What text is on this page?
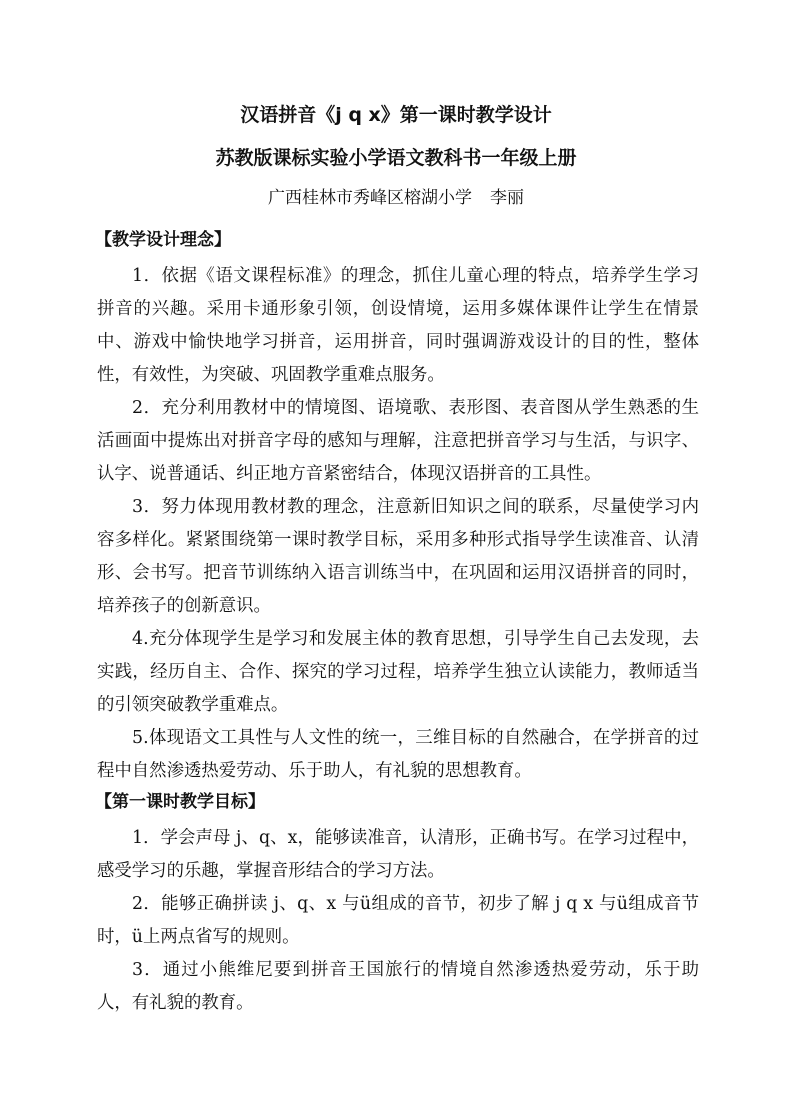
汉语拼音《j q x》第一课时教学设计
苏教版课标实验小学语文教科书一年级上册
广西桂林市秀峰区榕湖小学 李丽
【教学设计理念】

1．依据《语文课程标准》的理念，抓住儿童心理的特点，培养学生学习拼音的兴趣。采用卡通形象引领，创设情境，运用多媒体课件让学生在情景中、游戏中愉快地学习拼音，运用拼音，同时强调游戏设计的目的性，整体性，有效性，为突破、巩固教学重难点服务。

2．充分利用教材中的情境图、语境歌、表形图、表音图从学生熟悉的生活画面中提炼出对拼音字母的感知与理解，注意把拼音学习与生活，与识字、认字、说普通话、纠正地方音紧密结合，体现汉语拼音的工具性。

3．努力体现用教材教的理念，注意新旧知识之间的联系，尽量使学习内容多样化。紧紧围绕第一课时教学目标，采用多种形式指导学生读准音、认清形、会书写。把音节训练纳入语言训练当中，在巩固和运用汉语拼音的同时，培养孩子的创新意识。

4.充分体现学生是学习和发展主体的教育思想，引导学生自己去发现，去实践，经历自主、合作、探究的学习过程，培养学生独立认读能力，教师适当的引领突破教学重难点。

5.体现语文工具性与人文性的统一，三维目标的自然融合，在学拼音的过程中自然渗透热爱劳动、乐于助人，有礼貌的思想教育。

【第一课时教学目标】

1．学会声母 j、q、x，能够读准音，认清形，正确书写。在学习过程中，感受学习的乐趣，掌握音形结合的学习方法。

2．能够正确拼读 j、q、x 与ü组成的音节，初步了解 j q x 与ü组成音节时，ü上两点省写的规则。

3．通过小熊维尼要到拼音王国旅行的情境自然渗透热爱劳动，乐于助人，有礼貌的教育。
